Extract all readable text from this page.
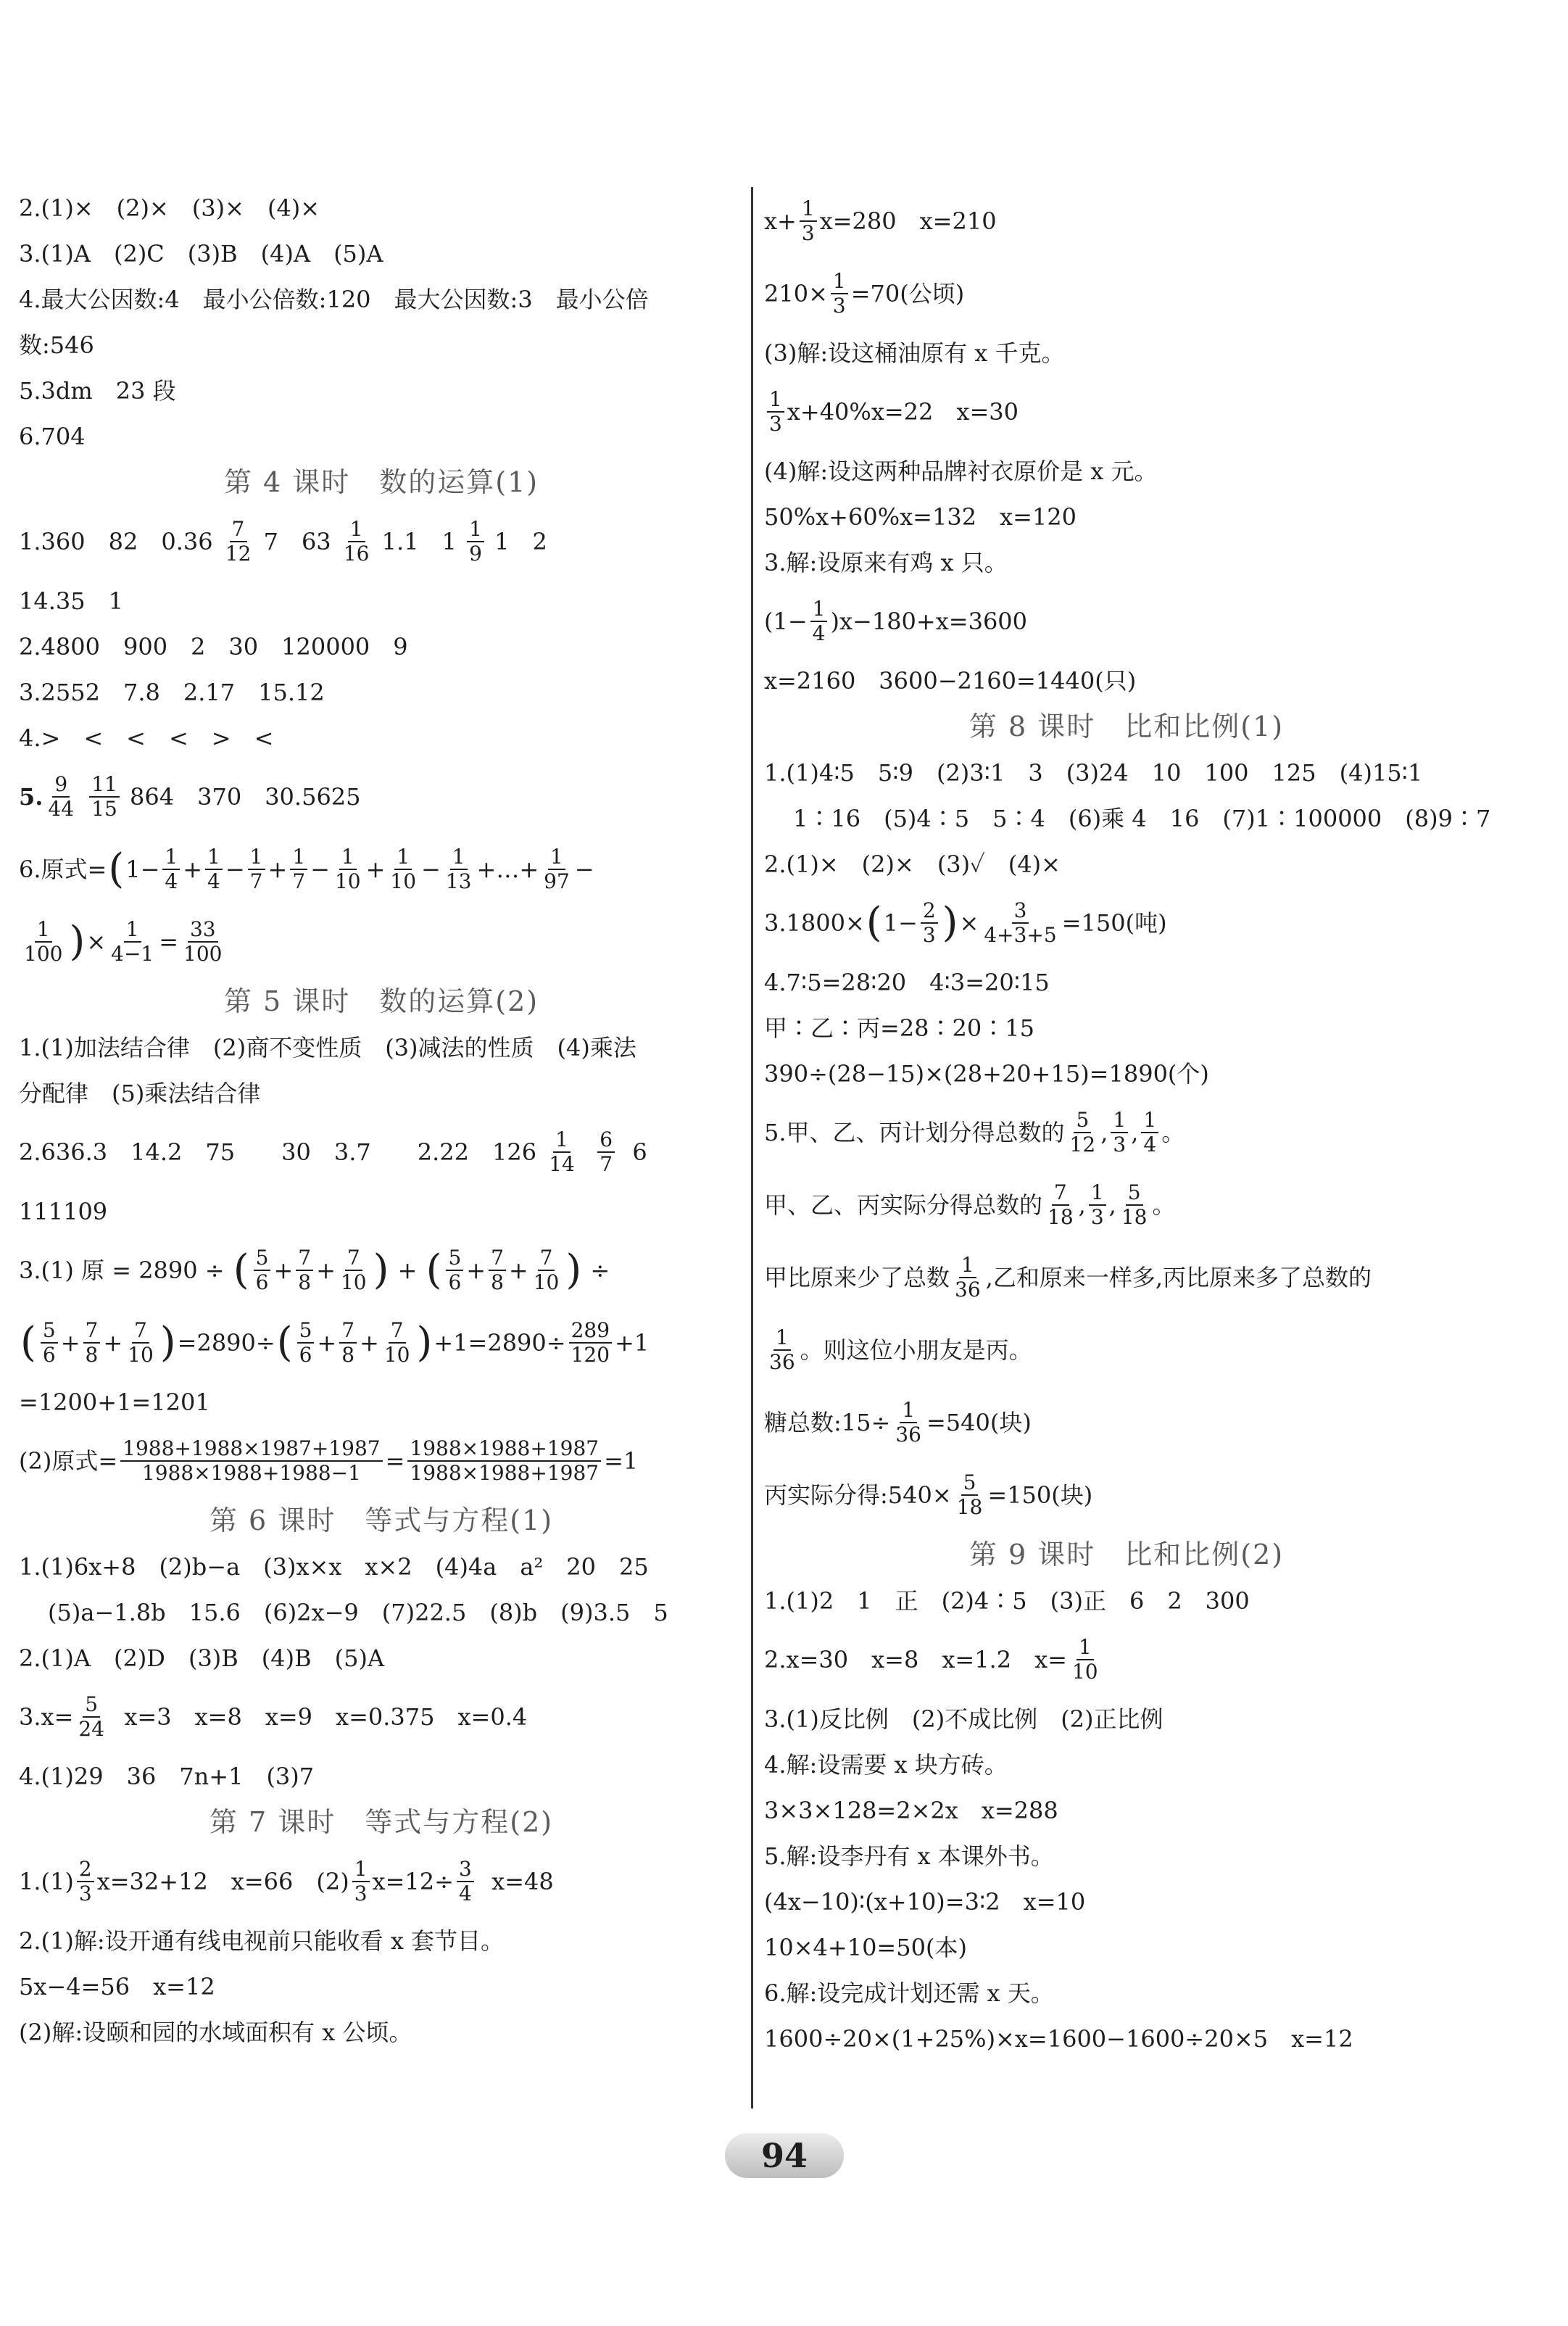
2.(1)×　(2)×　(3)×　(4)×
3.(1)A　(2)C　(3)B　(4)A　(5)A
4.最大公因数:4　最小公倍数:120　最大公因数:3　最小公倍
数:546
5.3dm　23 段
6.704
第 4 课时　数的运算(1)
1.360　82　0.36
$\frac{7}{12}$
7　63
$\frac{1}{16}$
1.1　1
$\frac{1}{9}$
1　2
14.35　1
2.4800　900　2　30　120000　9
3.2552　7.8　2.17　15.12
4.>　<　<　<　>　<
5. $\frac{9}{44}$
$\frac{11}{15}$
864　370　30.5625
6.原式= ( $1- \frac{1}{4} + \frac{1}{4} - \frac{1}{7} + \frac{1}{7} - \frac{1}{10} + \frac{1}{10} - \frac{1}{13}$ +…+ $\frac{1}{97}$ −
$\frac{1}{100}$ ) × $\frac{1}{4-1} = \frac{33}{100}$
第 5 课时　数的运算(2)
1.(1)加法结合律　(2)商不变性质　(3)减法的性质　(4)乘法
分配律　(5)乘法结合律
2.636.3　14.2　75　　30　3.7　　2.22　126
$\frac{1}{14}$
$\frac{6}{7}$
6
111109
3.(1) 原 = 2890 ÷
( $\frac{5}{6} + \frac{7}{8} + \frac{7}{10}$ ) + ( $\frac{5}{6} + \frac{7}{8} + \frac{7}{10}$ ) ÷
( $\frac{5}{6} + \frac{7}{8} + \frac{7}{10}$ ) =2890÷ ( $\frac{5}{6} + \frac{7}{8} + \frac{7}{10}$ ) $+1=2890\div \frac{289}{120} +1$
=1200+1=1201
(2)原式= $\frac{1988+1988\times 1987+1987}{1988\times 1988+1988-1} = \frac{1988\times 1988+1987}{1988\times 1988+1987} =1$
第 6 课时　等式与方程(1)
1.(1)6x+8　(2)b−a　(3)x×x　x×2　(4)4a　a²　20　25
(5)a−1.8b　15.6　(6)2x−9　(7)22.5　(8)b　(9)3.5　5
2.(1)A　(2)D　(3)B　(4)B　(5)A
$3.x= \frac{5}{24}$
x=3　x=8　x=9　x=0.375　x=0.4
4.(1)29　36　7n+1　(3)7
第 7 课时　等式与方程(2)
$1.(1) \frac{2}{3} x=32+12$　x=66　$(2) \frac{1}{3} x=12\div \frac{3}{4}$
x=48
2.(1)解:设开通有线电视前只能收看 x 套节目。
5x−4=56　x=12
(2)解:设颐和园的水域面积有 x 公顷。
$x+ \frac{1}{3} x=280$　x=210
$210\times \frac{1}{3} =70$(公顷)
(3)解:设这桶油原有 x 千克。
$\frac{1}{3} x+40\%x=22$　x=30
(4)解:设这两种品牌衬衣原价是 x 元。
50%x+60%x=132　x=120
3.解:设原来有鸡 x 只。
$(1- \frac{1}{4} )x-180+x=3600$
x=2160　3600−2160=1440(只)
第 8 课时　比和比例(1)
1.(1)4∶5　5∶9　(2)3∶1　3　(3)24　10　100　125　(4)15∶1
1∶16　(5)4∶5　5∶4　(6)乘 4　16　(7)1∶100000　(8)9∶7
2.(1)×　(2)×　(3)✓　(4)×
3.1800× ( $1- \frac{2}{3}$ ) × $\frac{3}{4+3+5} =150$(吨)
4.7∶5=28∶20　4∶3=20∶15
甲∶乙∶丙=28∶20∶15
390÷(28−15)×(28+20+15)=1890(个)
5.甲、乙、丙计划分得总数的 $\frac{5}{12}$ , $\frac{1}{3}$ , $\frac{1}{4}$ 。
甲、乙、丙实际分得总数的 $\frac{7}{18}$ , $\frac{1}{3}$ , $\frac{5}{18}$ 。
甲比原来少了总数 $\frac{1}{36}$ ,乙和原来一样多,丙比原来多了总数的
$\frac{1}{36}$ 。则这位小朋友是丙。
糖总数:15÷ $\frac{1}{36} =540$(块)
丙实际分得:540× $\frac{5}{18} =150$(块)
第 9 课时　比和比例(2)
1.(1)2　1　正　(2)4∶5　(3)正　6　2　300
2.x=30　x=8　x=1.2　$x= \frac{1}{10}$
3.(1)反比例　(2)不成比例　(2)正比例
4.解:设需要 x 块方砖。
3×3×128=2×2x　x=288
5.解:设李丹有 x 本课外书。
(4x−10)∶(x+10)=3∶2　x=10
10×4+10=50(本)
6.解:设完成计划还需 x 天。
1600÷20×(1+25%)×x=1600−1600÷20×5　x=12
94
